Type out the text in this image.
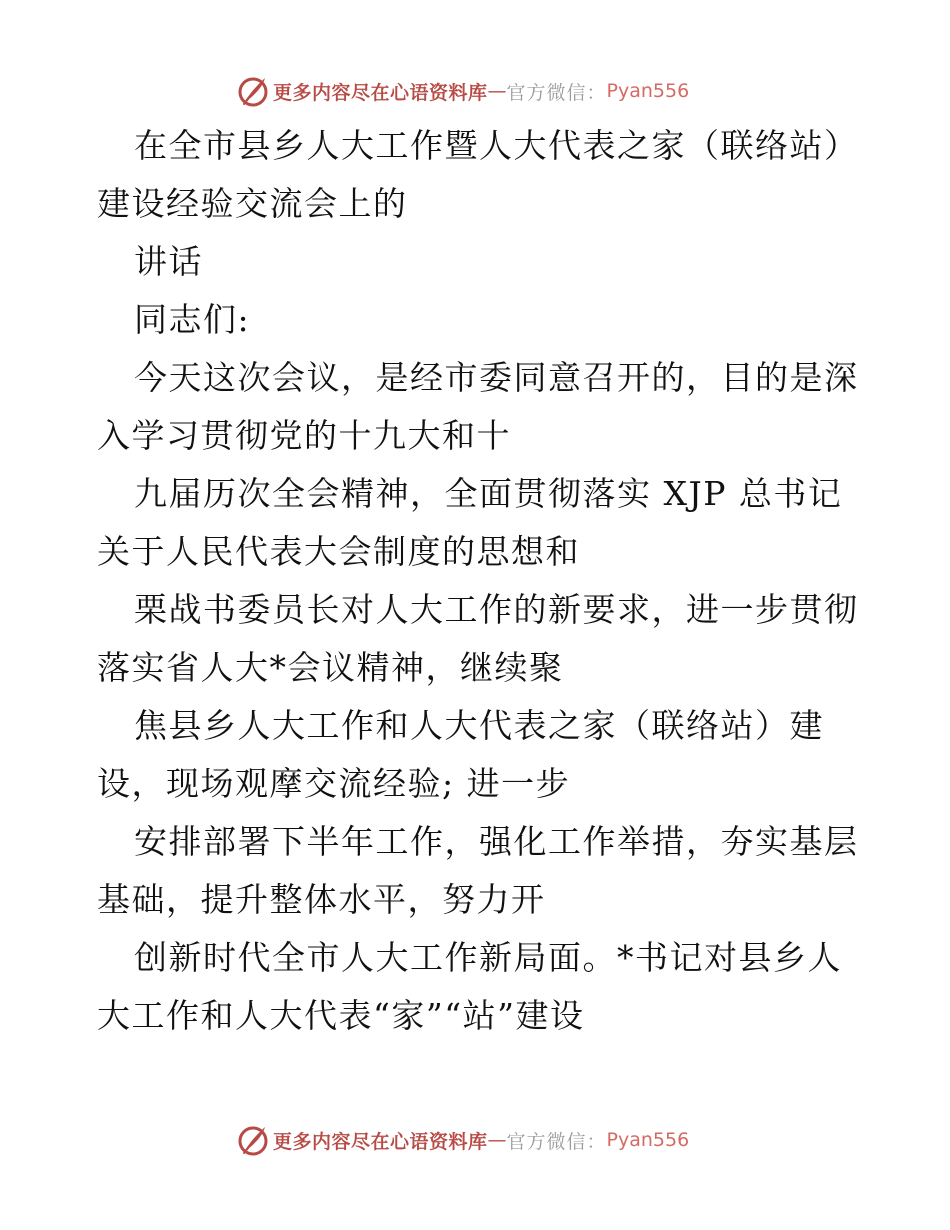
更多内容尽在心语资料库 — 官方微信： Pyan556
在全市县乡人大工作暨人大代表之家（联络站）
建设经验交流会上的
讲话
同志们:
今天这次会议，是经市委同意召开的，目的是深
入学习贯彻党的十九大和十
九届历次全会精神，全面贯彻落实 XJP 总书记
关于人民代表大会制度的思想和
栗战书委员长对人大工作的新要求，进一步贯彻
落实省人大*会议精神，继续聚
焦县乡人大工作和人大代表之家（联络站）建
设，现场观摩交流经验; 进一步
安排部署下半年工作，强化工作举措，夯实基层
基础，提升整体水平，努力开
创新时代全市人大工作新局面。*书记对县乡人
大工作和人大代表“家”“站”建设
更多内容尽在心语资料库 — 官方微信： Pyan556
